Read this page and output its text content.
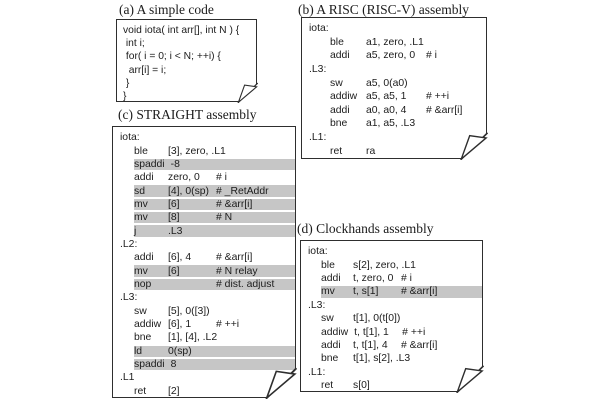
(a) A simple code
void iota( int arr[], int N ) {
int i;
for( i = 0; i < N; ++i) {
arr[i] = i;
}
}
(b) A RISC (RISC-V) assembly
iota:
ble	a1, zero, .L1
addi	a5, zero, 0	# i
.L3:
sw	a5, 0(a0)
addiw a5, a5, 1	# ++i
addi	a0, a0, 4	# &arr[i]
bne	a1, a5, .L3
.L1:
ret	ra
(c) STRAIGHT assembly
iota:
ble	[3], zero, .L1
spaddi -8
addi	zero, 0	# i
sd	[4], 0(sp) # _RetAddr
mv	[6]	# &arr[i]
mv	[8]	# N
j	.L3
.L2:
addi	[6], 4	# &arr[i]
mv	[6]	# N relay
nop	# dist. adjust
.L3:
sw	[5], 0([3])
addiw [6], 1	# ++i
bne	[1], [4], .L2
ld	0(sp)
spaddi 8
.L1
ret	[2]
(d) Clockhands assembly
iota:
ble	s[2], zero, .L1
addi	t, zero, 0 # i
mv	t, s[1]	# &arr[i]
.L3:
sw	t[1], 0(t[0])
addiw t, t[1], 1	# ++i
addi	t, t[1], 4	# &arr[i]
bne	t[1], s[2], .L3
.L1:
ret	s[0]
